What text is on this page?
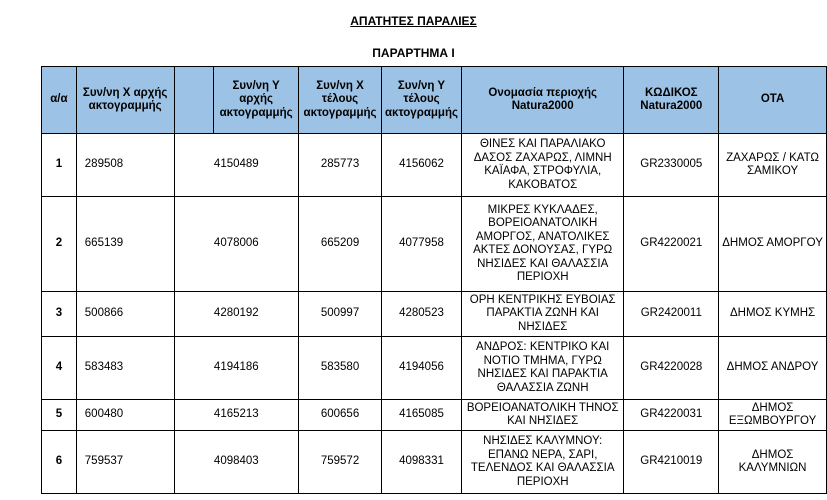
ΑΠΑΤΗΤΕΣ ΠΑΡΑΛΙΕΣ
ΠΑΡΑΡΤΗΜΑ Ι
α/α	Συν/νη Χ αρχής ακτογραμμής		Συν/νη Υ αρχής ακτογραμμής	Συν/νη Χ τέλους ακτογραμμής	Συν/νη Υ τέλους ακτογραμμής	Ονομασία περιοχής Natura2000	ΚΩΔΙΚΟΣ Natura2000	ΟΤΑ
1	289508	4150489		285773	4156062	ΘΙΝΕΣ ΚΑΙ ΠΑΡΑΛΙΑΚΟ ΔΑΣΟΣ ΖΑΧΑΡΩΣ, ΛΙΜΝΗ ΚΑΪΑΦΑ, ΣΤΡΟΦΥΛΙΑ, ΚΑΚΟΒΑΤΟΣ	GR2330005	ΖΑΧΑΡΩΣ / ΚΑΤΩ ΣΑΜΙΚΟΥ
2	665139	4078006		665209	4077958	ΜΙΚΡΕΣ ΚΥΚΛΑΔΕΣ, ΒΟΡΕΙΟΑΝΑΤΟΛΙΚΗ ΑΜΟΡΓΟΣ, ΑΝΑΤΟΛΙΚΕΣ ΑΚΤΕΣ ΔΟΝΟΥΣΑΣ, ΓΥΡΩ ΝΗΣΙΔΕΣ ΚΑΙ ΘΑΛΑΣΣΙΑ ΠΕΡΙΟΧΗ	GR4220021	ΔΗΜΟΣ ΑΜΟΡΓΟΥ
3	500866	4280192		500997	4280523	ΟΡΗ ΚΕΝΤΡΙΚΗΣ ΕΥΒΟΙΑΣ ΠΑΡΑΚΤΙΑ ΖΩΝΗ ΚΑΙ ΝΗΣΙΔΕΣ	GR2420011	ΔΗΜΟΣ ΚΥΜΗΣ
4	583483	4194186		583580	4194056	ΑΝΔΡΟΣ: ΚΕΝΤΡΙΚΟ ΚΑΙ ΝΟΤΙΟ ΤΜΗΜΑ, ΓΥΡΩ ΝΗΣΙΔΕΣ ΚΑΙ ΠΑΡΑΚΤΙΑ ΘΑΛΑΣΣΙΑ ΖΩΝΗ	GR4220028	ΔΗΜΟΣ ΑΝΔΡΟΥ
5	600480	4165213		600656	4165085	ΒΟΡΕΙΟΑΝΑΤΟΛΙΚΗ ΤΗΝΟΣ ΚΑΙ ΝΗΣΙΔΕΣ	GR4220031	ΔΗΜΟΣ ΕΞΩΜΒΟΥΡΓΟΥ
6	759537	4098403		759572	4098331	ΝΗΣΙΔΕΣ ΚΑΛΥΜΝΟΥ: ΕΠΑΝΩ ΝΕΡΑ, ΣΑΡΙ, ΤΕΛΕΝΔΟΣ ΚΑΙ ΘΑΛΑΣΣΙΑ ΠΕΡΙΟΧΗ	GR4210019	ΔΗΜΟΣ ΚΑΛΥΜΝΙΩΝ
